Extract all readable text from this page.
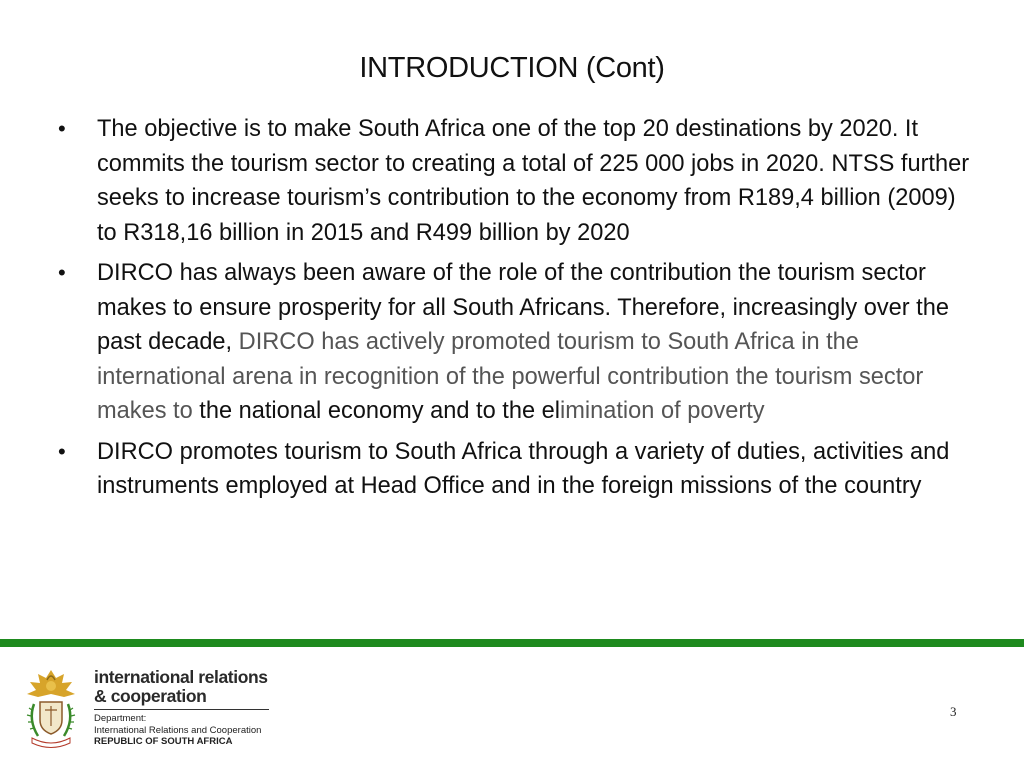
INTRODUCTION (Cont)
• The objective is to make South Africa one of the top 20 destinations by 2020. It commits the tourism sector to creating a total of 225 000 jobs in 2020. NTSS further seeks to increase tourism’s contribution to the economy from R189,4 billion (2009) to R318,16 billion in 2015 and R499 billion by 2020
• DIRCO has always been aware of the role of the contribution the tourism sector makes to ensure prosperity for all South Africans. Therefore, increasingly over the past decade, DIRCO has actively promoted tourism to South Africa in the international arena in recognition of the powerful contribution the tourism sector makes to the national economy and to the elimination of poverty
• DIRCO promotes tourism to South Africa through a variety of duties, activities and instruments employed at Head Office and in the foreign missions of the country
international relations
& cooperation
Department:
International Relations and Cooperation
REPUBLIC OF SOUTH AFRICA
3
